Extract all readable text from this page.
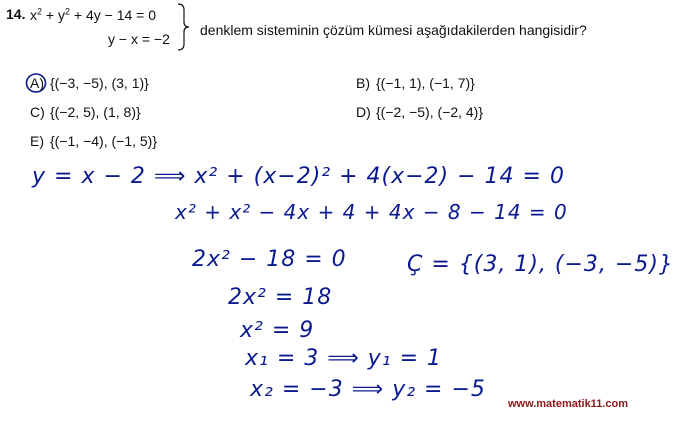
14. $x^2 + y^2 + 4y - 14 = 0$
y − x = −2
denklem sisteminin çözüm kümesi aşağıdakilerden hangisidir?
A) {(−3, −5), (3, 1)}	B) {(−1, 1), (−1, 7)}
C) {(−2, 5), (1, 8)}	D) {(−2, −5), (−2, 4)}
E) {(−1, −4), (−1, 5)}
y = x − 2 ⟹ x² + (x−2)² + 4(x−2) − 14 = 0
x² + x² − 4x + 4 + 4x − 8 − 14 = 0
2x² − 18 = 0
2x² = 18
x² = 9
x₁ = 3 ⟹ y₁ = 1
x₂ = −3 ⟹ y₂ = −5
Ç = {(3, 1), (−3, −5)}
www.matematik11.com
